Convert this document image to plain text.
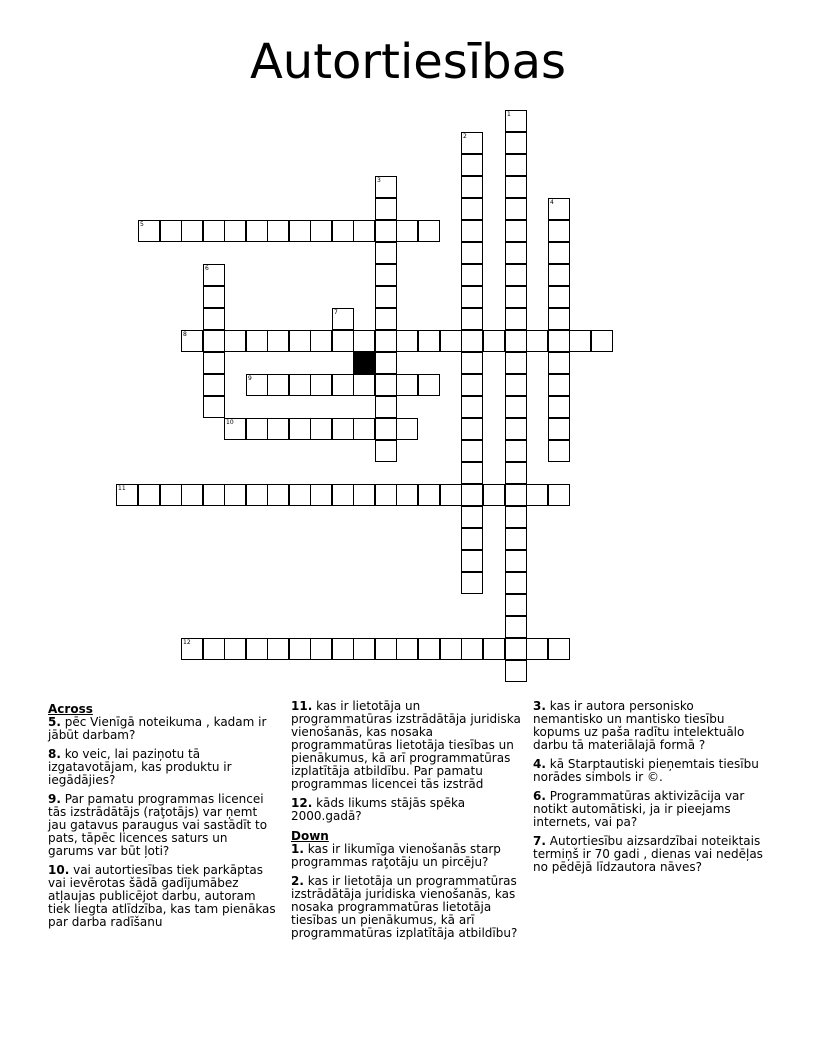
Autortiesības
1
2
3
4
5
6
7
8
9
10
11
12
Across
5. pēc Vienīgā noteikuma , kadam ir jābūt darbam?
8. ko veic, lai paziņotu tā izgatavotājam, kas produktu ir iegādājies?
9. Par pamatu programmas licencei tās izstrādātājs (raţotājs) var ņemt jau gatavus paraugus vai sastādīt to pats, tāpēc licences saturs un garums var būt ļoti?
10. vai autortiesības tiek parkāptas vai ievērotas šādā gadījumābez atļaujas publicējot darbu, autoram tiek liegta atlīdzība, kas tam pienākas par darba radīšanu
11. kas ir lietotāja un programmatūras izstrādātāja juridiska vienošanās, kas nosaka programmatūras lietotāja tiesības un pienākumus, kā arī programmatūras izplatītāja atbildību. Par pamatu programmas licencei tās izstrād
12. kāds likums stājās spēka 2000.gadā?
Down
1. kas ir likumīga vienošanās starp programmas raţotāju un pircēju?
2. kas ir lietotāja un programmatūras izstrādātāja juridiska vienošanās, kas nosaka programmatūras lietotāja tiesības un pienākumus, kā arī programmatūras izplatītāja atbildību?
3. kas ir autora personisko nemantisko un mantisko tiesību kopums uz paša radītu intelektuālo darbu tā materiālajā formā ?
4. kā Starptautiski pieņemtais tiesību norādes simbols ir ©.
6. Programmatūras aktivizācija var notikt automātiski, ja ir pieejams internets, vai pa?
7. Autortiesību aizsardzībai noteiktais termiņš ir 70 gadi , dienas vai nedēļas no pēdējā līdzautora nāves?
